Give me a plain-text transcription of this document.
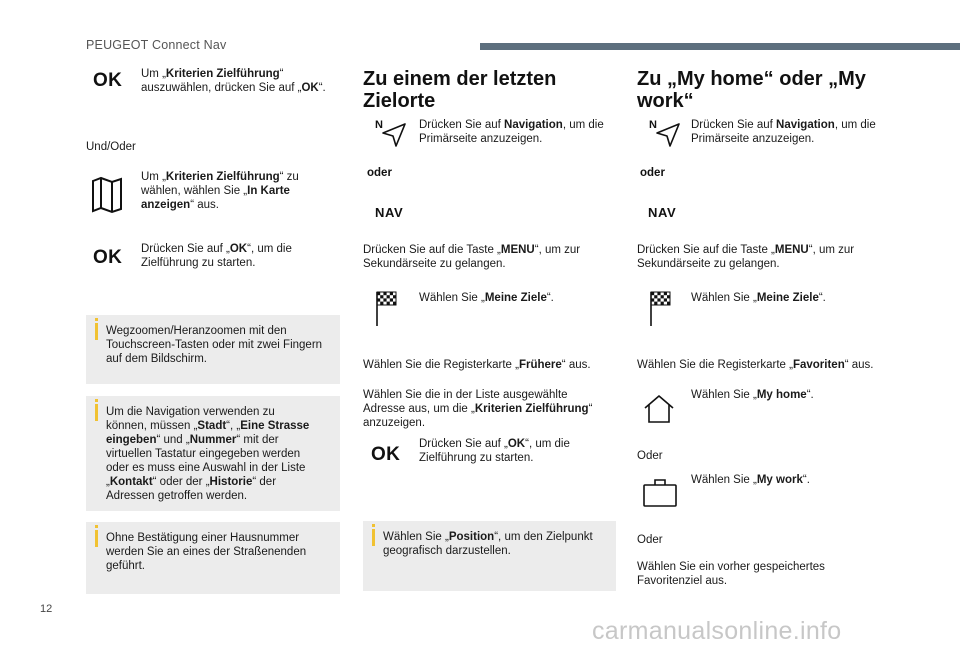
PEUGEOT Connect Nav
OK Um „Kriterien Zielführung“
auszuwählen, drücken Sie auf „OK“.
Und/Oder
Um „Kriterien Zielführung“ zu
wählen, wählen Sie „In Karte
anzeigen“ aus.
OK Drücken Sie auf „OK“, um die
Zielführung zu starten.
Wegzoomen/Heranzoomen mit den
Touchscreen-Tasten oder mit zwei Fingern
auf dem Bildschirm.
Um die Navigation verwenden zu
können, müssen „Stadt“, „Eine Strasse
eingeben“ und „Nummer“ mit der
virtuellen Tastatur eingegeben werden
oder es muss eine Auswahl in der Liste
„Kontakt“ oder der „Historie“ der
Adressen getroffen werden.
Ohne Bestätigung einer Hausnummer
werden Sie an eines der Straßenenden
geführt.
Zu einem der letzten
Zielorte
N	Drücken Sie auf Navigation, um die
Primärseite anzuzeigen.
oder
NAV
Drücken Sie auf die Taste „MENU“, um zur
Sekundärseite zu gelangen.
Wählen Sie „Meine Ziele“.
Wählen Sie die Registerkarte „Frühere“ aus.
Wählen Sie die in der Liste ausgewählte
Adresse aus, um die „Kriterien Zielführung“
anzuzeigen.
OK Drücken Sie auf „OK“, um die
Zielführung zu starten.
Wählen Sie „Position“, um den Zielpunkt
geografisch darzustellen.
Zu „My home“ oder „My
work“
N	Drücken Sie auf Navigation, um die
Primärseite anzuzeigen.
oder
NAV
Drücken Sie auf die Taste „MENU“, um zur
Sekundärseite zu gelangen.
Wählen Sie „Meine Ziele“.
Wählen Sie die Registerkarte „Favoriten“ aus.
Wählen Sie „My home“.
Oder
Wählen Sie „My work“.
Oder
Wählen Sie ein vorher gespeichertes
Favoritenziel aus.
12
carmanualsonline.info
